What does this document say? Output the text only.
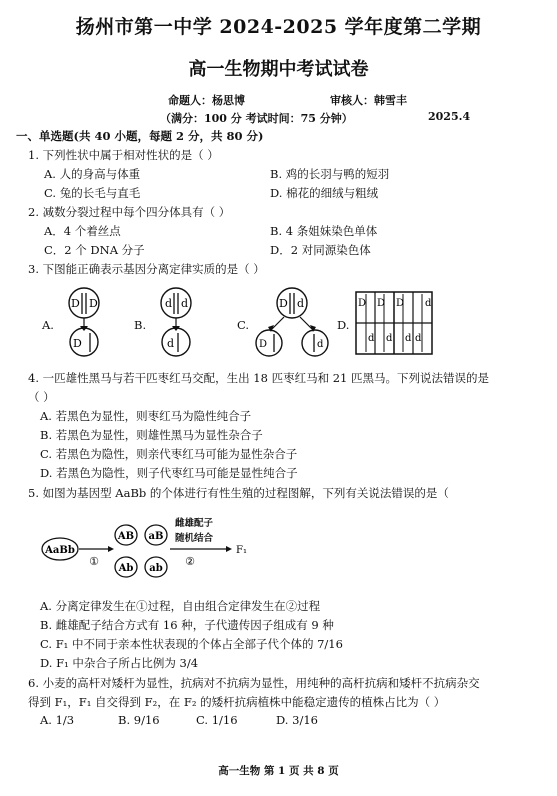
扬州市第一中学 2024-2025 学年度第二学期
高一生物期中考试试卷
命题人：杨思博	审核人：韩雪丰
（满分：100 分 考试时间：75 分钟）	2025.4
一、单选题(共 40 小题，每题 2 分，共 80 分)
1. 下列性状中属于相对性状的是（ ）
A. 人的身高与体重	B. 鸡的长羽与鸭的短羽
C. 兔的长毛与直毛	D. 棉花的细绒与粗绒
2. 减数分裂过程中每个四分体具有（ ）
A．4 个着丝点	B. 4 条姐妹染色单体
C．2 个 DNA 分子	D．2 对同源染色体
3. 下图能正确表示基因分离定律实质的是（ ）
A.	B.	C.	D.
D D
D
d d
d
D d
D	d
D D D d
d d d d
4. 一匹雄性黑马与若干匹枣红马交配，生出 18 匹枣红马和 21 匹黑马。下列说法错误的是
（ ）
A. 若黑色为显性，则枣红马为隐性纯合子
B. 若黑色为显性，则雄性黑马为显性杂合子
C. 若黑色为隐性，则亲代枣红马可能为显性杂合子
D. 若黑色为隐性，则子代枣红马可能是显性纯合子
5. 如图为基因型 AaBb 的个体进行有性生殖的过程图解，下列有关说法错误的是（
AaBb
①
AB aB
Ab ab
②
F₁
雌雄配子
随机结合
A. 分离定律发生在①过程，自由组合定律发生在②过程
B. 雌雄配子结合方式有 16 种，子代遗传因子组成有 9 种
C. F₁ 中不同于亲本性状表现的个体占全部子代个体的 7/16
D. F₁ 中杂合子所占比例为 3/4
6. 小麦的高杆对矮杆为显性，抗病对不抗病为显性，用纯种的高杆抗病和矮杆不抗病杂交
得到 F₁，F₁ 自交得到 F₂，在 F₂ 的矮杆抗病植株中能稳定遗传的植株占比为（ ）
A. 1/3	B. 9/16	C. 1/16	D. 3/16
高一生物 第 1 页 共 8 页
